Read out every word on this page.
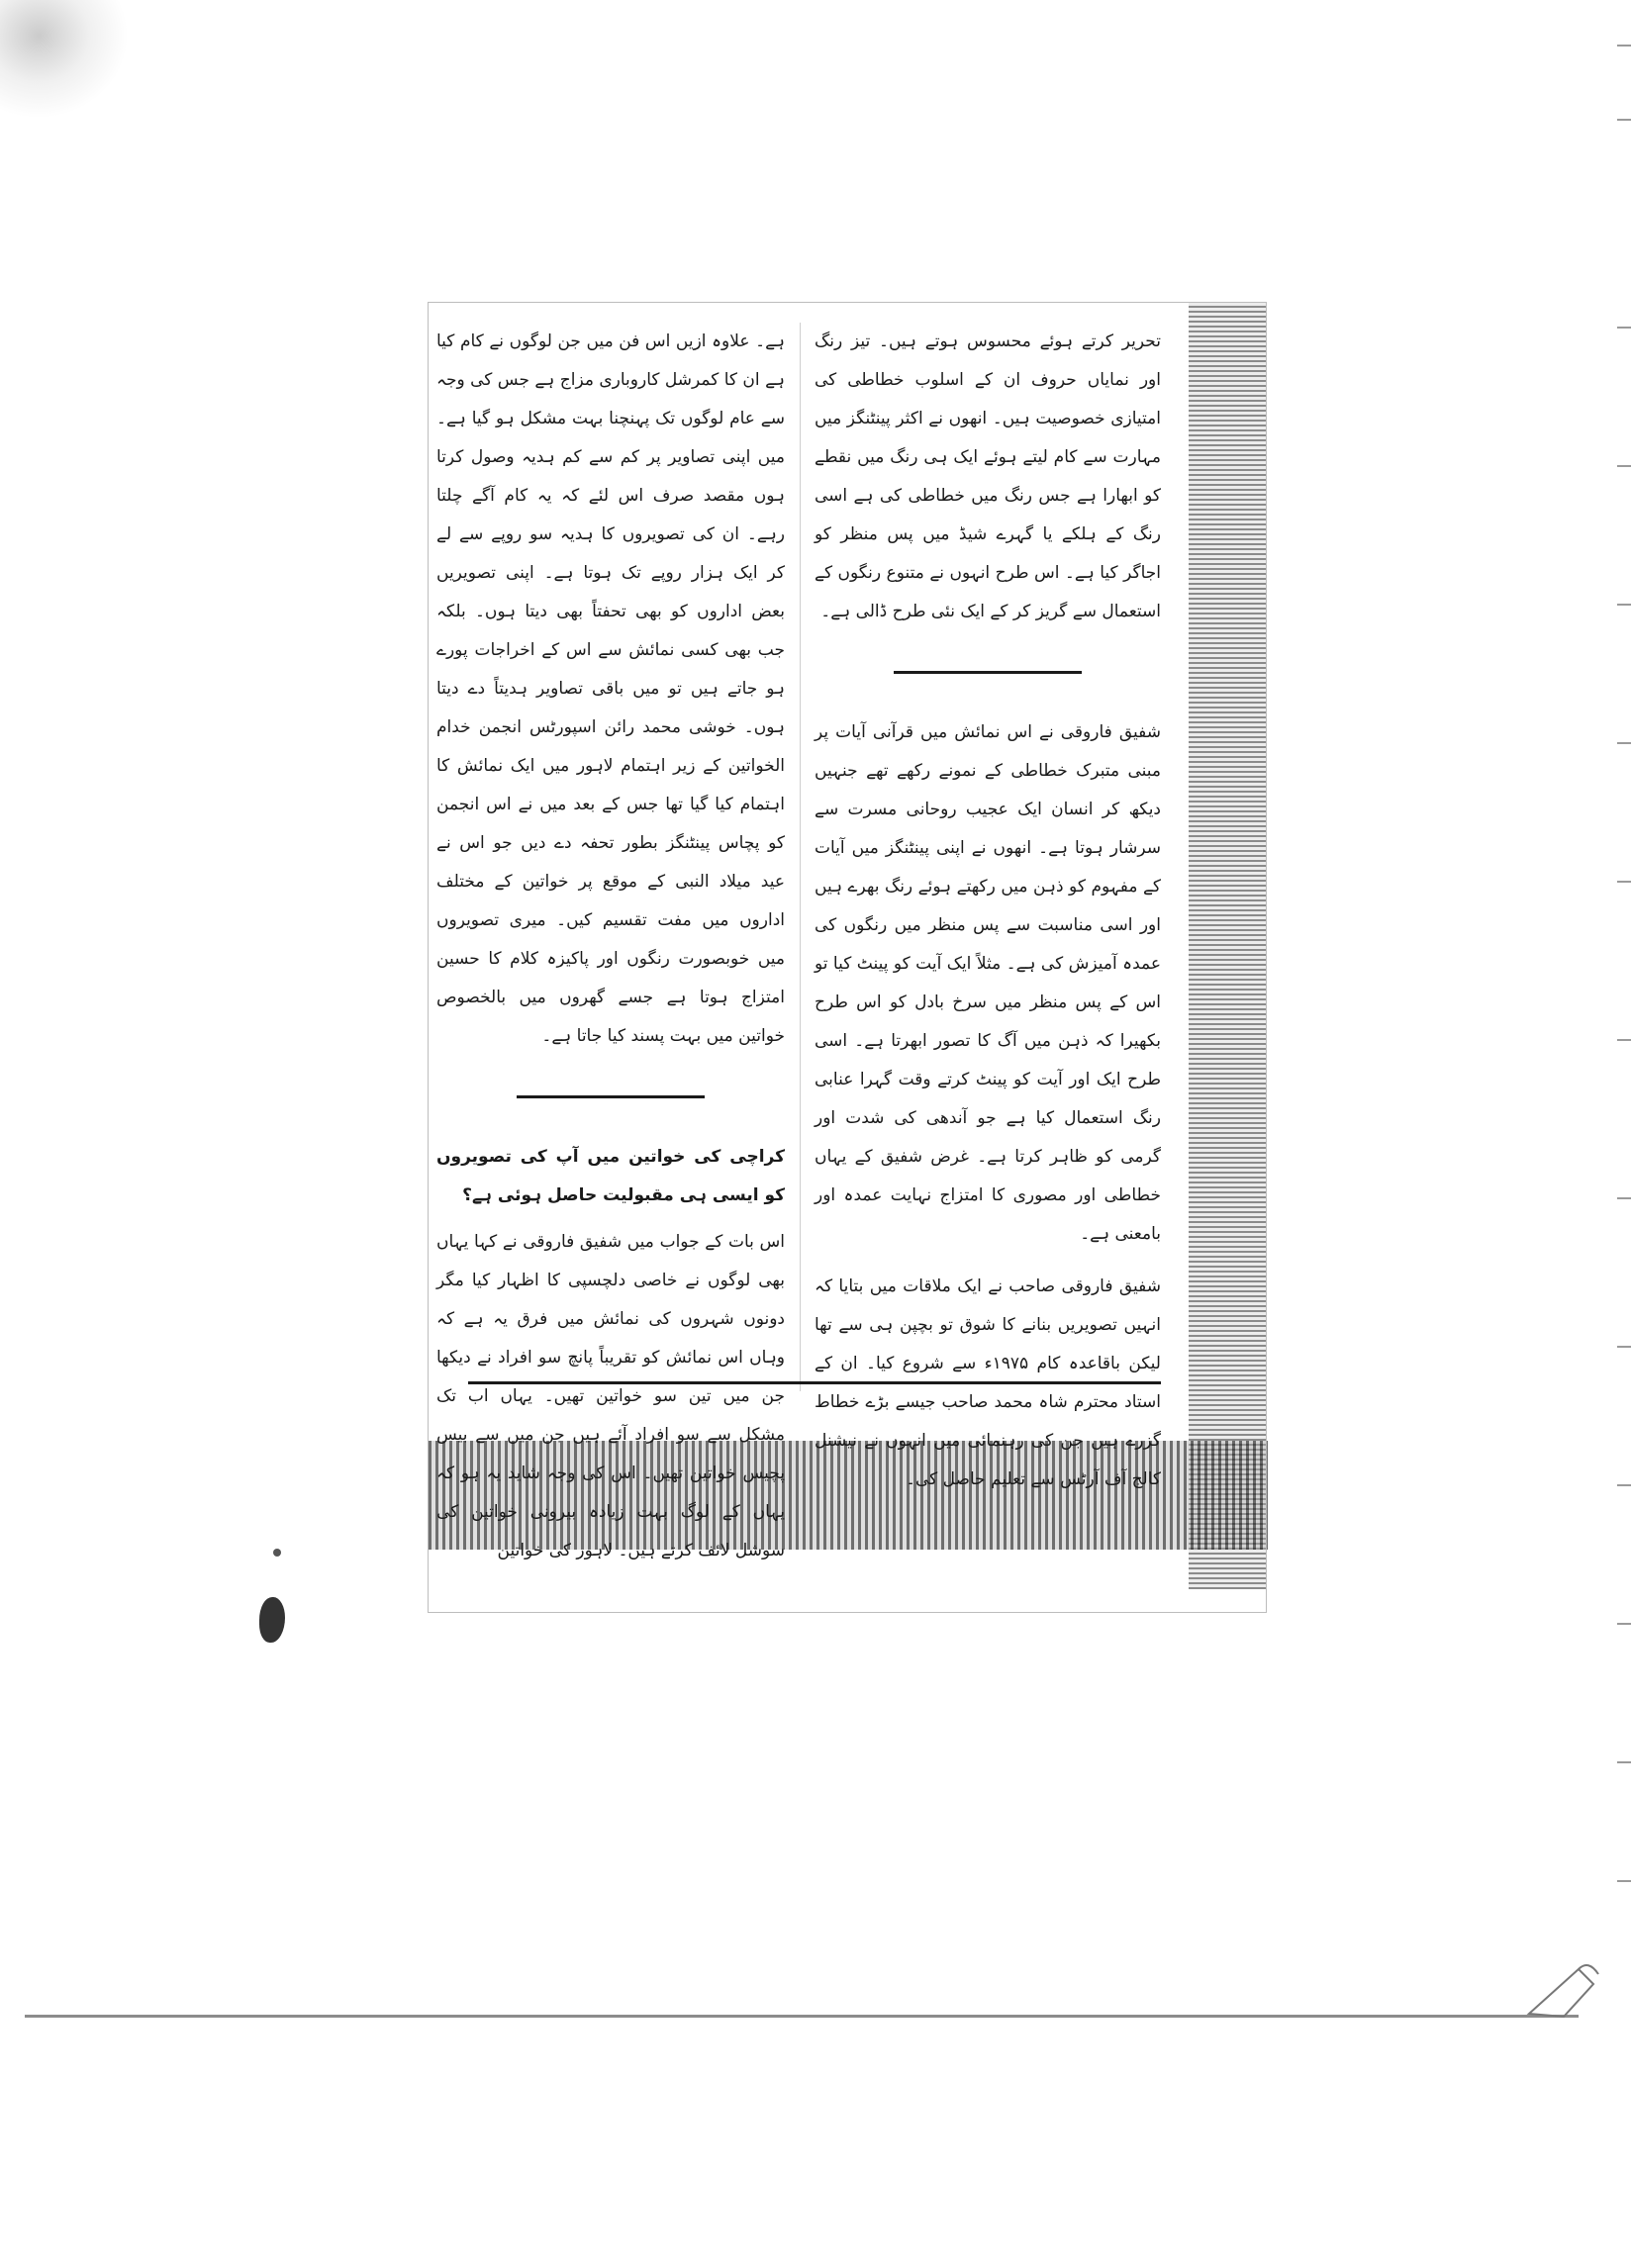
تحریر کرتے ہوئے محسوس ہوتے ہیں۔ تیز رنگ اور نمایاں حروف ان کے اسلوب خطاطی کی امتیازی خصوصیت ہیں۔ انھوں نے اکثر پینٹنگز میں مہارت سے کام لیتے ہوئے ایک ہی رنگ میں نقطے کو ابھارا ہے جس رنگ میں خطاطی کی ہے اسی رنگ کے ہلکے یا گہرے شیڈ میں پس منظر کو اجاگر کیا ہے۔ اس طرح انہوں نے متنوع رنگوں کے استعمال سے گریز کر کے ایک نئی طرح ڈالی ہے۔

شفیق فاروقی نے اس نمائش میں قرآنی آیات پر مبنی متبرک خطاطی کے نمونے رکھے تھے جنہیں دیکھ کر انسان ایک عجیب روحانی مسرت سے سرشار ہوتا ہے۔ انھوں نے اپنی پینٹنگز میں آیات کے مفہوم کو ذہن میں رکھتے ہوئے رنگ بھرے ہیں اور اسی مناسبت سے پس منظر میں رنگوں کی عمدہ آمیزش کی ہے۔ مثلاً ایک آیت کو پینٹ کیا تو اس کے پس منظر میں سرخ بادل کو اس طرح بکھیرا کہ ذہن میں آگ کا تصور ابھرتا ہے۔ اسی طرح ایک اور آیت کو پینٹ کرتے وقت گہرا عنابی رنگ استعمال کیا ہے جو آندھی کی شدت اور گرمی کو ظاہر کرتا ہے۔ غرض شفیق کے یہاں خطاطی اور مصوری کا امتزاج نہایت عمدہ اور بامعنی ہے۔

شفیق فاروقی صاحب نے ایک ملاقات میں بتایا کہ انہیں تصویریں بنانے کا شوق تو بچپن ہی سے تھا لیکن باقاعدہ کام ۱۹۷۵ء سے شروع کیا۔ ان کے استاد محترم شاہ محمد صاحب جیسے بڑے خطاط گزرے ہیں جن کی رہنمائی میں انہوں نے نیشنل کالج آف آرٹس سے تعلیم حاصل کی۔

ہے۔ علاوہ ازیں اس فن میں جن لوگوں نے کام کیا ہے ان کا کمرشل کاروباری مزاج ہے جس کی وجہ سے عام لوگوں تک پہنچنا بہت مشکل ہو گیا ہے۔ میں اپنی تصاویر پر کم سے کم ہدیہ وصول کرتا ہوں مقصد صرف اس لئے کہ یہ کام آگے چلتا رہے۔ ان کی تصویروں کا ہدیہ سو روپے سے لے کر ایک ہزار روپے تک ہوتا ہے۔ اپنی تصویریں بعض اداروں کو بھی تحفتاً بھی دیتا ہوں۔ بلکہ جب بھی کسی نمائش سے اس کے اخراجات پورے ہو جاتے ہیں تو میں باقی تصاویر ہدیتاً دے دیتا ہوں۔ خوشی محمد رائن اسپورٹس انجمن خدام الخواتین کے زیر اہتمام لاہور میں ایک نمائش کا اہتمام کیا گیا تھا جس کے بعد میں نے اس انجمن کو پچاس پینٹنگز بطور تحفہ دے دیں جو اس نے عید میلاد النبی کے موقع پر خواتین کے مختلف اداروں میں مفت تقسیم کیں۔ میری تصویروں میں خوبصورت رنگوں اور پاکیزہ کلام کا حسین امتزاج ہوتا ہے جسے گھروں میں بالخصوص خواتین میں بہت پسند کیا جاتا ہے۔

کراچی کی خواتین میں آپ کی تصویروں کو ایسی ہی مقبولیت حاصل ہوئی ہے؟

اس بات کے جواب میں شفیق فاروقی نے کہا یہاں بھی لوگوں نے خاصی دلچسپی کا اظہار کیا مگر دونوں شہروں کی نمائش میں فرق یہ ہے کہ وہاں اس نمائش کو تقریباً پانچ سو افراد نے دیکھا جن میں تین سو خواتین تھیں۔ یہاں اب تک مشکل سے سو افراد آئے ہیں جن میں سے بیس پچیس خواتین تھیں۔ اس کی وجہ شاید یہ ہو کہ یہاں کے لوگ بہت زیادہ بیرونی خواتین کی سوشل لائف کرتے ہیں۔ لاہور کی خواتین
